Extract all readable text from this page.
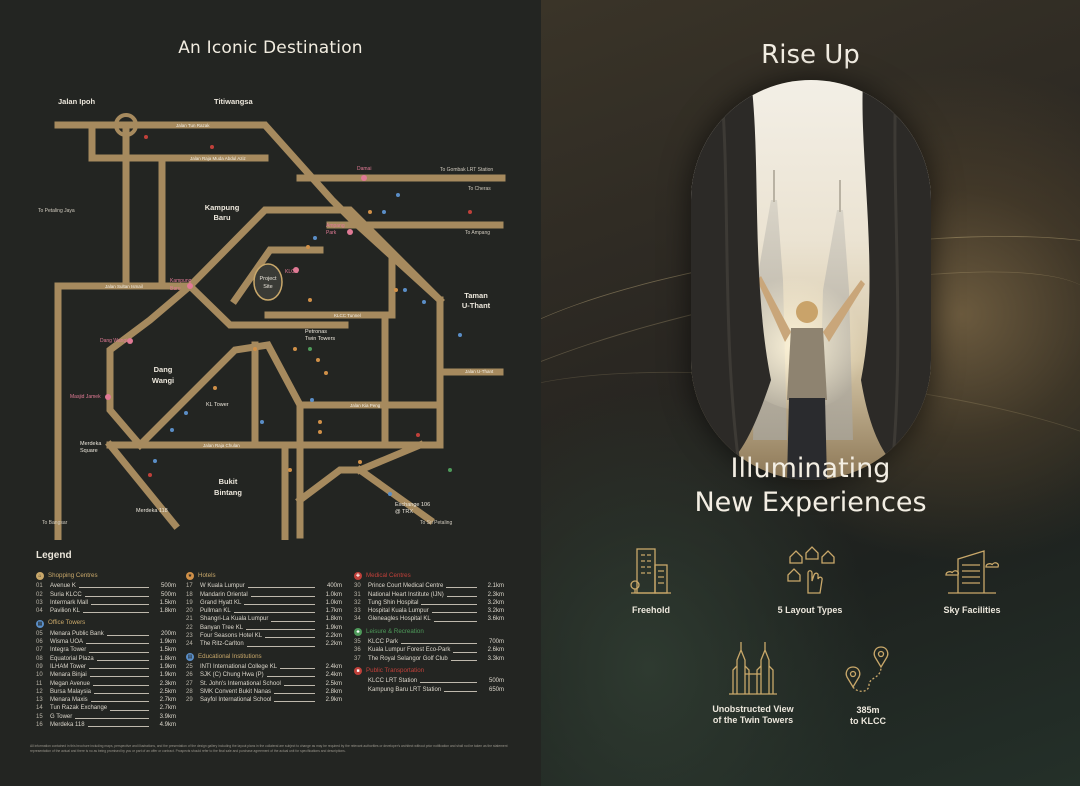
An Iconic Destination
Jalan Ipoh	Titiwangsa
Kampung
Baru
Taman
U-Thant
Dang
Wangi
Bukit
Bintang
Project
Site
Petronas
Twin Towers
Merdeka
Square
Exchange 106
@ TRX
KL Tower
Merdeka 118
Jalan Tun Razak
Jalan Raja Muda Abdul Aziz
Jalan Sultan Ismail
Jalan Raja Chulan
KLCC Tunnel
Jalan Kia Peng
Jalan U-Thant
To Petaling Jaya
To Gombak LRT Station
To Cheras
To Ampang
To Bangsar	To Sri Petaling
Damai
Ampang
Park
KLCC
Kampung
Baru
Dang Wangi
Masjid Jamek
Legend
⌂	Shopping Centres
01	Avenue K	500m
02	Suria KLCC	500m
03	Intermark Mall	1.5km
04	Pavilion KL	1.8km
▦ Office Towers
05	Menara Public Bank	200m
06	Wisma UOA	1.9km
07	Integra Tower	1.5km
08	Equatorial Plaza	1.8km
09	ILHAM Tower	1.9km
10	Menara Binjai	1.9km
11	Megan Avenue	2.3km
12	Bursa Malaysia	2.5km
13	Menara Maxis	2.7km
14	Tun Razak Exchange	2.7km
15	G Tower	3.9km
16	Merdeka 118	4.9km
★ Hotels
17	W Kuala Lumpur	400m
18	Mandarin Oriental	1.0km
19	Grand Hyatt KL	1.0km
20	Pullman KL	1.7km
21	Shangri-La Kuala Lumpur	1.8km
22	Banyan Tree KL	1.9km
23	Four Seasons Hotel KL	2.2km
24	The Ritz-Carlton	2.2km
▤ Educational Institutions
25	INTI International College KL	2.4km
26	SJK (C) Chung Hwa (P)	2.4km
27	St. John's International School	2.5km
28	SMK Convent Bukit Nanas	2.8km
29	Sayfol International School	2.9km
✚ Medical Centres
30	Prince Court Medical Centre	2.1km
31	National Heart Institute (IJN)	2.3km
32	Tung Shin Hospital	3.2km
33	Hospital Kuala Lumpur	3.2km
34	Gleneagles Hospital KL	3.6km
♣	Leisure & Recreation
35	KLCC Park	700m
36	Kuala Lumpur Forest Eco-Park	2.6km
37	The Royal Selangor Golf Club	3.3km
■	Public Transportation
KLCC LRT Station	500m
Kampung Baru LRT Station	650m
All information contained in this brochure including maps, perspective and illustrations, and the presentation of the design gallery including the layout plans in the collateral are subject to change as may be required by the relevant authorities or developer's architect without prior notification and shall not be taken as the statement representation of the actual and there is no as being promised by you or part of an offer or contract. Prospects should refer to the final sale and purchase agreement of the actual unit for specifications and descriptions.
Rise Up
Illuminating
New Experiences
Freehold	5 Layout Types	Sky Facilities
Unobstructed View
of the Twin Towers
385m
to KLCC
